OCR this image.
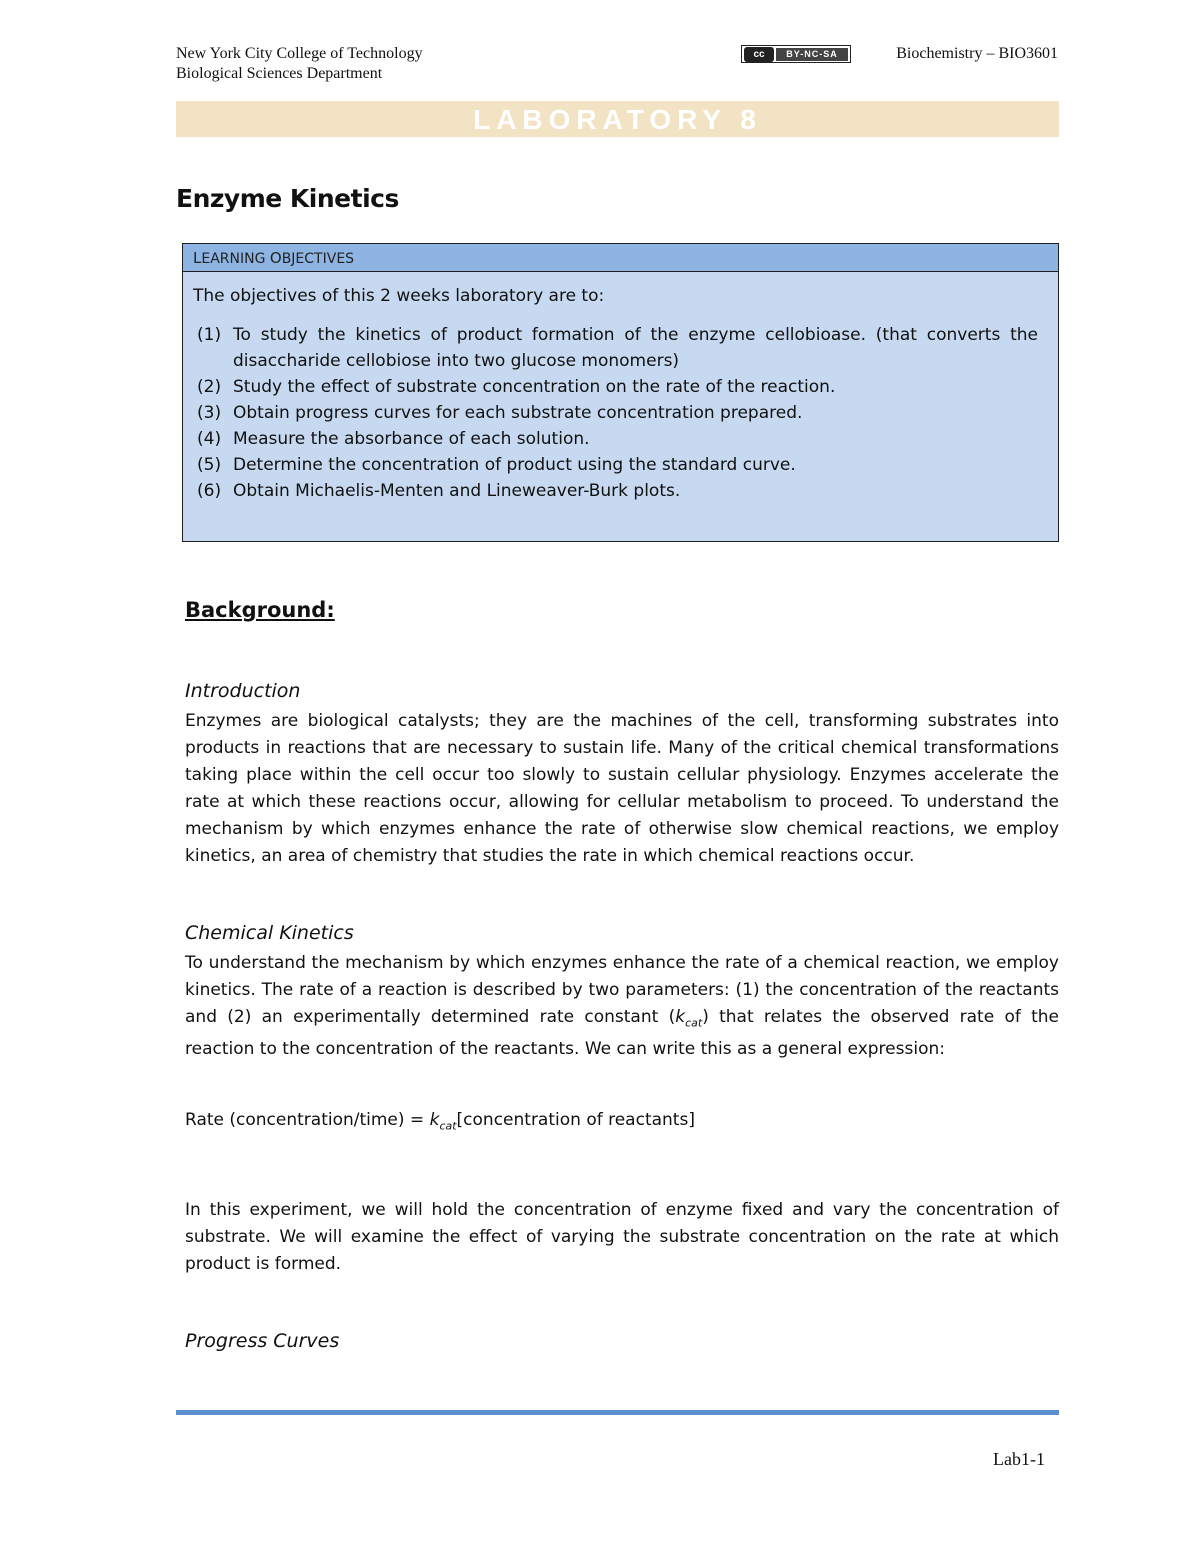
New York City College of Technology
Biological Sciences Department
cc	BY-NC-SA	Biochemistry – BIO3601
LABORATORY 8
Enzyme Kinetics
LEARNING OBJECTIVES
The objectives of this 2 weeks laboratory are to:
(1) To study the kinetics of product formation of the enzyme cellobioase. (that converts the disaccharide cellobiose into two glucose monomers)
(2) Study the effect of substrate concentration on the rate of the reaction.
(3) Obtain progress curves for each substrate concentration prepared.
(4) Measure the absorbance of each solution.
(5) Determine the concentration of product using the standard curve.
(6) Obtain Michaelis-Menten and Lineweaver-Burk plots.
Background:
Introduction
Enzymes are biological catalysts; they are the machines of the cell, transforming substrates into products in reactions that are necessary to sustain life. Many of the critical chemical transformations taking place within the cell occur too slowly to sustain cellular physiology. Enzymes accelerate the rate at which these reactions occur, allowing for cellular metabolism to proceed. To understand the mechanism by which enzymes enhance the rate of otherwise slow chemical reactions, we employ kinetics, an area of chemistry that studies the rate in which chemical reactions occur.
Chemical Kinetics
To understand the mechanism by which enzymes enhance the rate of a chemical reaction, we employ kinetics. The rate of a reaction is described by two parameters: (1) the concentration of the reactants and (2) an experimentally determined rate constant $(k_{cat})$ that relates the observed rate of the reaction to the concentration of the reactants. We can write this as a general expression:
Rate (concentration/time) = $k_{cat}[concentration$ of reactants]
In this experiment, we will hold the concentration of enzyme fixed and vary the concentration of substrate. We will examine the effect of varying the substrate concentration on the rate at which product is formed.
Progress Curves
Lab1-1
